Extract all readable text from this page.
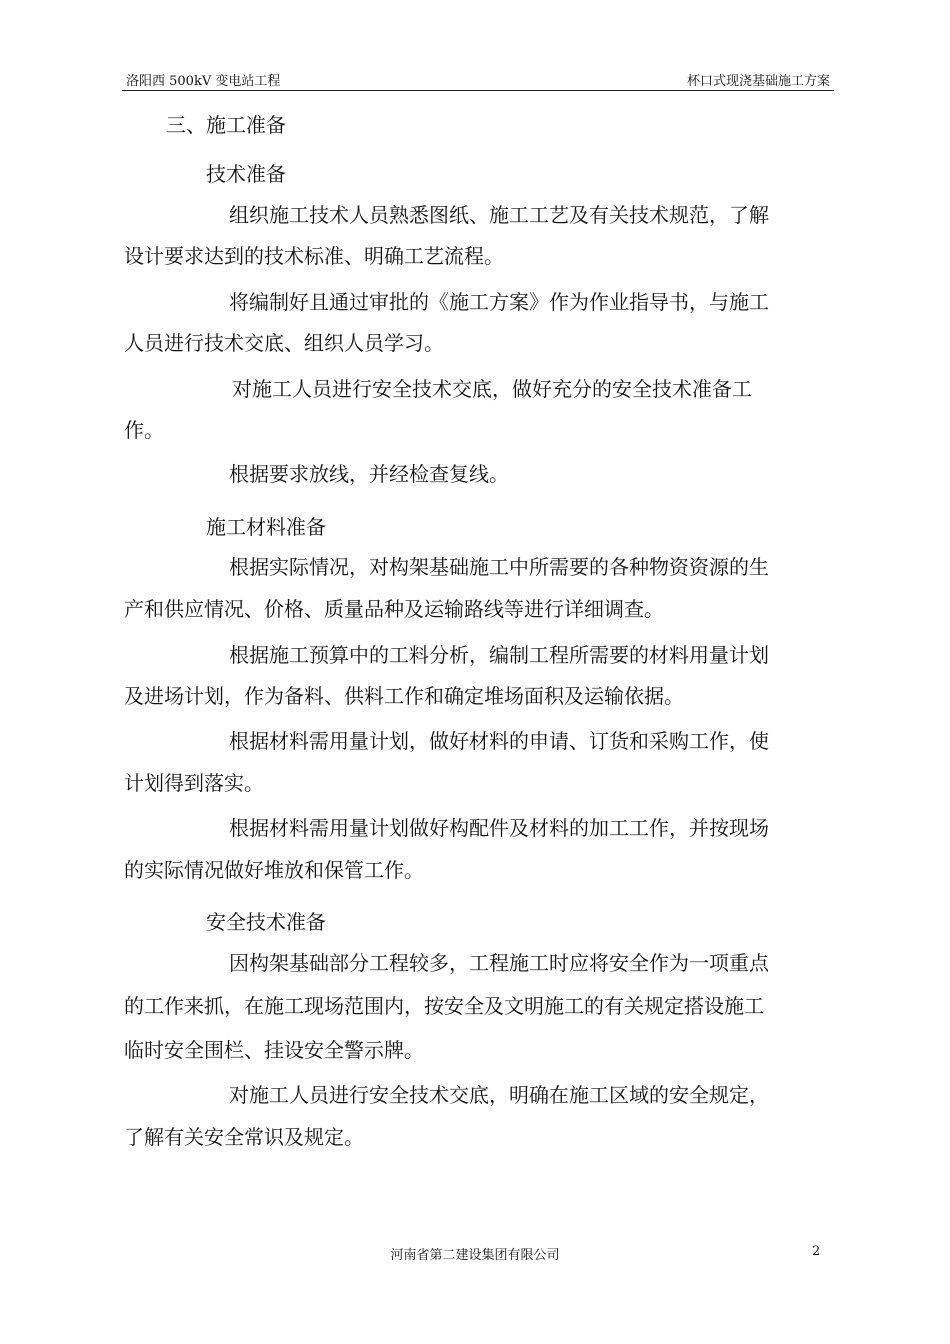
洛阳西 500kV 变电站工程	杯口式现浇基础施工方案
三、施工准备
技术准备
组织施工技术人员熟悉图纸、施工工艺及有关技术规范，了解
设计要求达到的技术标准、明确工艺流程。
将编制好且通过审批的《施工方案》作为作业指导书，与施工
人员进行技术交底、组织人员学习。
对施工人员进行安全技术交底，做好充分的安全技术准备工
作。
根据要求放线，并经检查复线。
施工材料准备
根据实际情况，对构架基础施工中所需要的各种物资资源的生
产和供应情况、价格、质量品种及运输路线等进行详细调查。
根据施工预算中的工料分析，编制工程所需要的材料用量计划
及进场计划，作为备料、供料工作和确定堆场面积及运输依据。
根据材料需用量计划，做好材料的申请、订货和采购工作，使
计划得到落实。
根据材料需用量计划做好构配件及材料的加工工作，并按现场
的实际情况做好堆放和保管工作。
安全技术准备
因构架基础部分工程较多，工程施工时应将安全作为一项重点
的工作来抓，在施工现场范围内，按安全及文明施工的有关规定搭设施工
临时安全围栏、挂设安全警示牌。
对施工人员进行安全技术交底，明确在施工区域的安全规定，
了解有关安全常识及规定。
河南省第二建设集团有限公司	2
